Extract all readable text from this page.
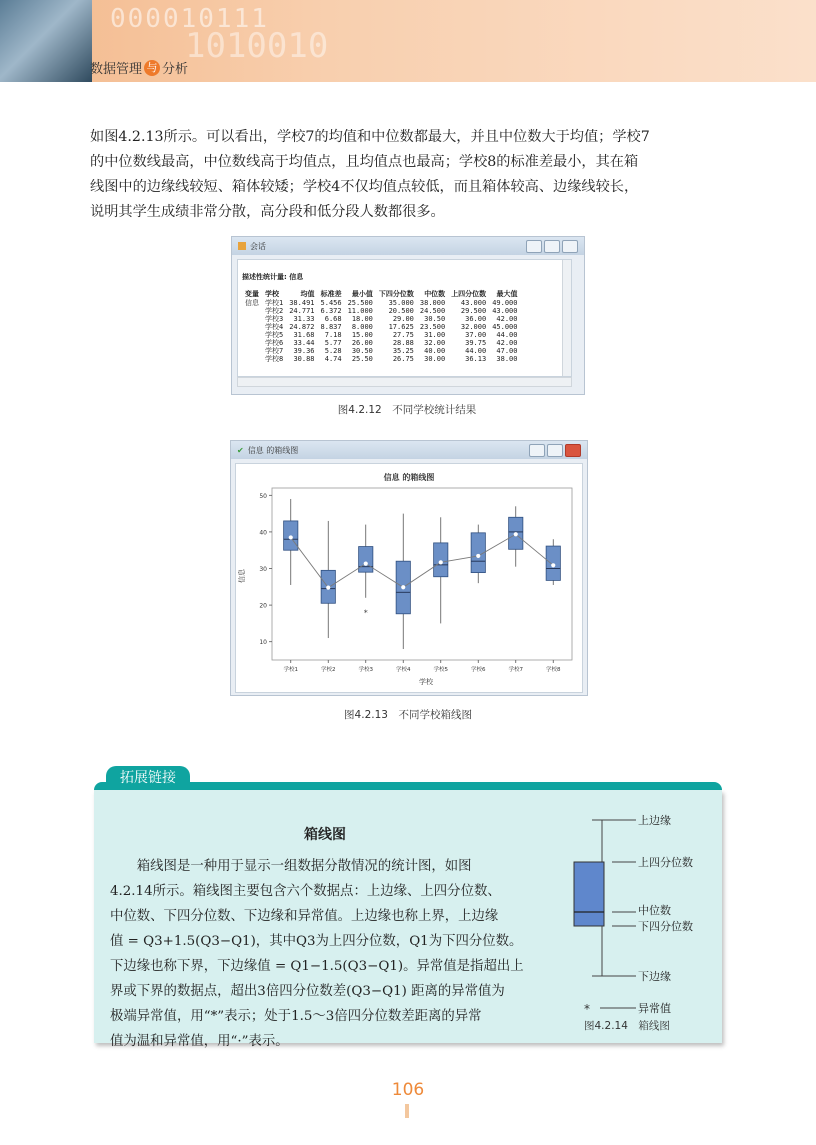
000010111
1010010
数据管理 与 分析
如图4.2.13所示。可以看出，学校7的均值和中位数都最大，并且中位数大于均值；学校7
的中位数线最高，中位数线高于均值点，且均值点也最高；学校8的标准差最小，其在箱
线图中的边缘线较短、箱体较矮；学校4不仅均值点较低，而且箱体较高、边缘线较长，
说明其学生成绩非常分散，高分段和低分段人数都很多。
会话
描述性统计量: 信息
变量	学校	均值	标准差	最小值	下四分位数	中位数	上四分位数	最大值
信息	学校1	38.491	5.456	25.500	35.000	38.000	43.000	49.000
	学校2	24.771	6.372	11.000	20.500	24.500	29.500	43.000
	学校3	31.33	6.68	18.00	29.00	30.50	36.00	42.00
	学校4	24.872	8.837	8.000	17.625	23.500	32.000	45.000
	学校5	31.68	7.18	15.00	27.75	31.00	37.00	44.00
	学校6	33.44	5.77	26.00	28.88	32.00	39.75	42.00
	学校7	39.36	5.28	30.50	35.25	40.00	44.00	47.00
	学校8	30.88	4.74	25.50	26.75	30.00	36.13	38.00
图4.2.12　不同学校统计结果
✔ 信息 的箱线图
信息 的箱线图
学校
信息
10
20
30
40
50
学校1	学校2	学校3	学校4	学校5	学校6	学校7	学校8
*
图4.2.13　不同学校箱线图
箱线图
　　箱线图是一种用于显示一组数据分散情况的统计图，如图
4.2.14所示。箱线图主要包含六个数据点：上边缘、上四分位数、
中位数、下四分位数、下边缘和异常值。上边缘也称上界，上边缘
值 = Q3+1.5(Q3−Q1)，其中Q3为上四分位数，Q1为下四分位数。
下边缘也称下界，下边缘值 = Q1−1.5(Q3−Q1)。异常值是指超出上
界或下界的数据点，超出3倍四分位数差(Q3−Q1) 距离的异常值为
极端异常值，用“*”表示；处于1.5～3倍四分位数差距离的异常
值为温和异常值，用“·”表示。
*
上边缘
上四分位数
中位数
下四分位数
下边缘
异常值
图4.2.14　箱线图
拓展链接
106
